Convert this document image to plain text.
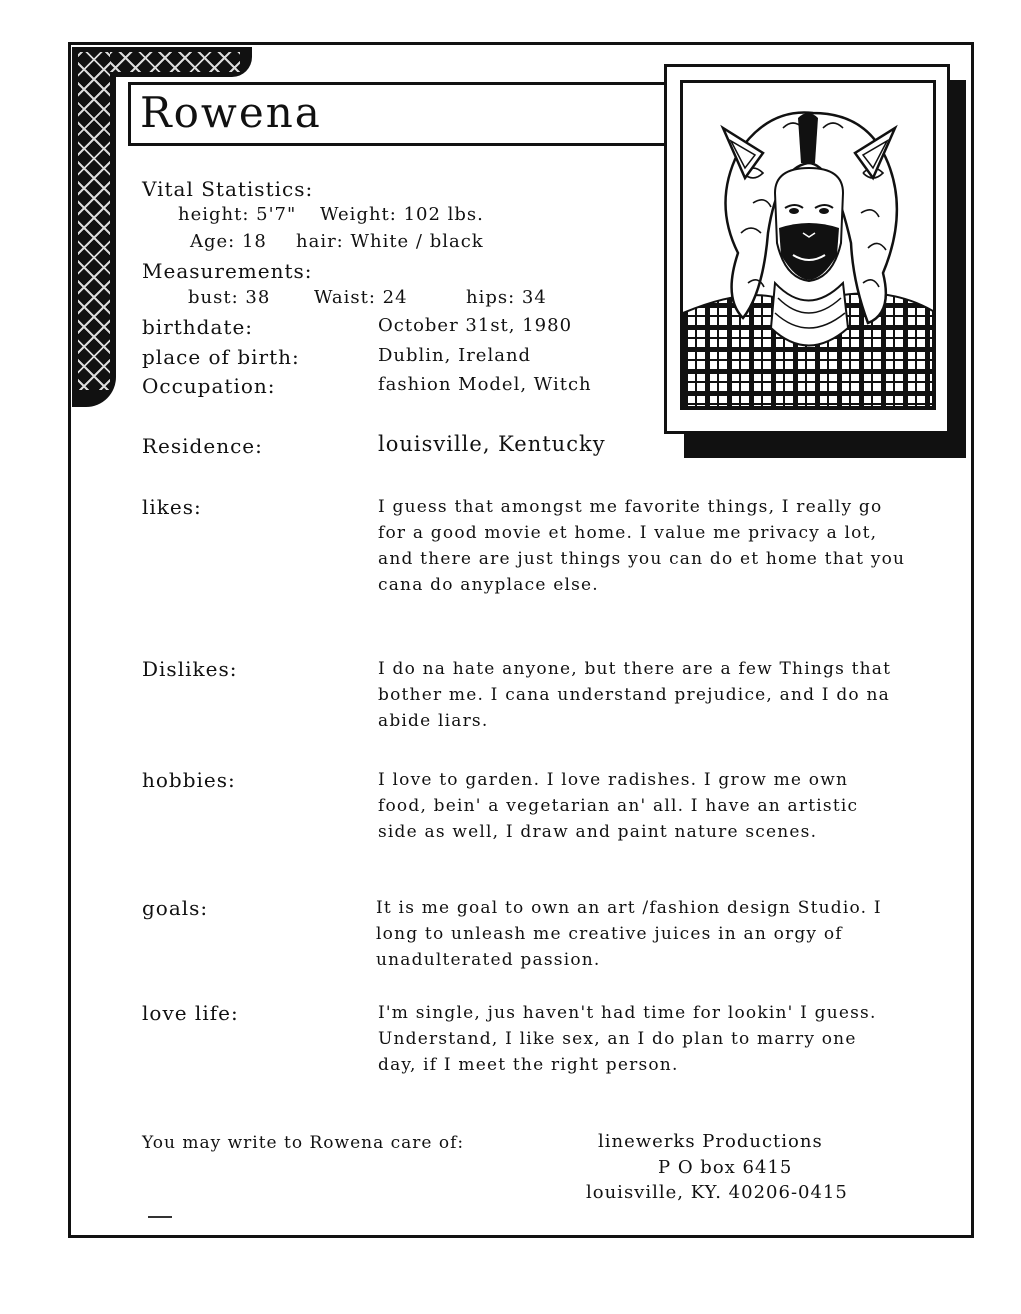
Rowena
Vital Statistics:
height: 5'7" Weight: 102 lbs.
Age: 18 hair: White / black
Measurements:
bust: 38 Waist: 24	hips: 34
birthdate:	October 31st, 1980
place of birth:	Dublin, Ireland
Occupation:	fashion Model, Witch
Residence:	louisville, Kentucky
likes:	I guess that amongst me favorite things, I really go for a good movie et home. I value me privacy a lot, and there are just things you can do et home that you cana do anyplace else.
Dislikes:	I do na hate anyone, but there are a few Things that bother me. I cana understand prejudice, and I do na abide liars.
hobbies:	I love to garden. I love radishes. I grow me own food, bein' a vegetarian an' all. I have an artistic side as well, I draw and paint nature scenes.
goals:	It is me goal to own an art /fashion design Studio. I long to unleash me creative juices in an orgy of unadulterated passion.
love life:	I'm single, jus haven't had time for lookin' I guess. Understand, I like sex, an I do plan to marry one day, if I meet the right person.
You may write to Rowena care of:	linewerks Productions
P O box 6415
louisville, KY. 40206-0415
